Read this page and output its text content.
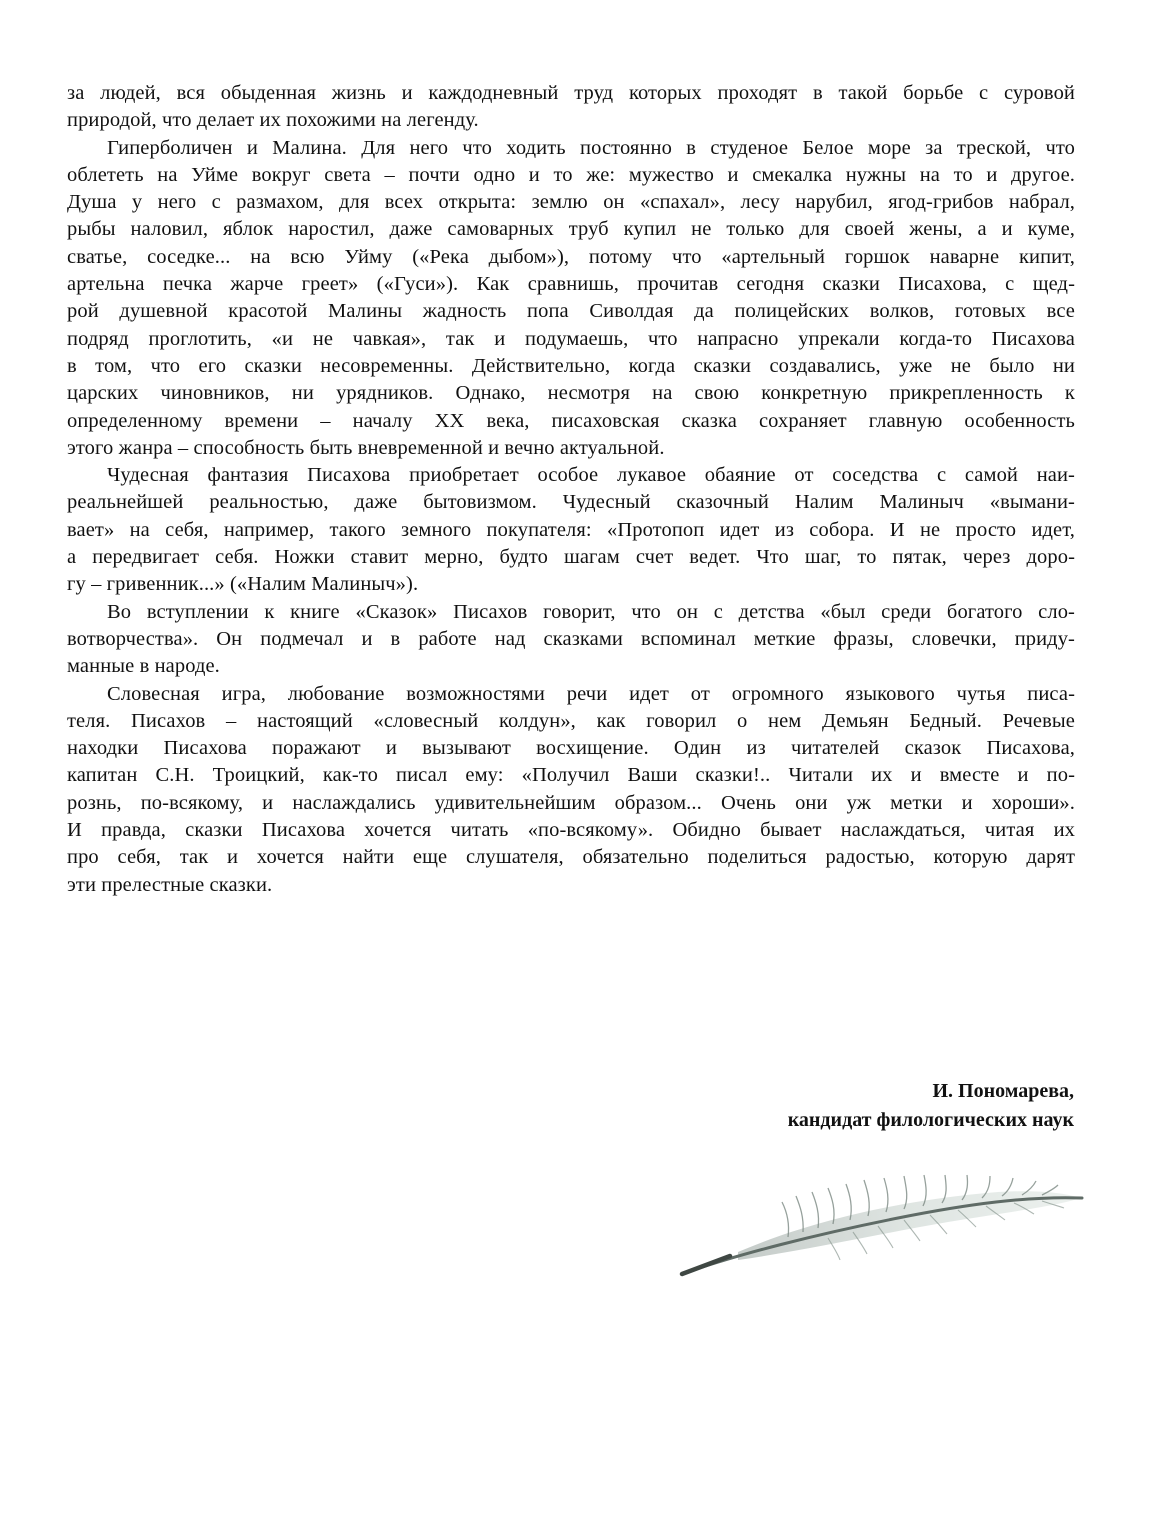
за людей, вся обыденная жизнь и каждодневный труд которых проходят в такой борьбе с суровой
природой, что делает их похожими на легенду.

Гиперболичен и Малина. Для него что ходить постоянно в студеное Белое море за треской, что
облететь на Уйме вокруг света – почти одно и то же: мужество и смекалка нужны на то и другое.
Душа у него с размахом, для всех открыта: землю он «спахал», лесу нарубил, ягод-грибов набрал,
рыбы наловил, яблок наростил, даже самоварных труб купил не только для своей жены, а и куме,
сватье, соседке... на всю Уйму («Река дыбом»), потому что «артельный горшок наварне кипит,
артельна печка жарче греет» («Гуси»). Как сравнишь, прочитав сегодня сказки Писахова, с щед-
рой душевной красотой Малины жадность попа Сиволдая да полицейских волков, готовых все
подряд проглотить, «и не чавкая», так и подумаешь, что напрасно упрекали когда-то Писахова
в том, что его сказки несовременны. Действительно, когда сказки создавались, уже не было ни
царских чиновников, ни урядников. Однако, несмотря на свою конкретную прикрепленность к
определенному времени – началу XX века, писаховская сказка сохраняет главную особенность
этого жанра – способность быть вневременной и вечно актуальной.

Чудесная фантазия Писахова приобретает особое лукавое обаяние от соседства с самой наи-
реальнейшей реальностью, даже бытовизмом. Чудесный сказочный Налим Малиныч «вымани-
вает» на себя, например, такого земного покупателя: «Протопоп идет из собора. И не просто идет,
а передвигает себя. Ножки ставит мерно, будто шагам счет ведет. Что шаг, то пятак, через доро-
гу – гривенник...» («Налим Малиныч»).

Во вступлении к книге «Сказок» Писахов говорит, что он с детства «был среди богатого сло-
вотворчества». Он подмечал и в работе над сказками вспоминал меткие фразы, словечки, приду-
манные в народе.

Словесная игра, любование возможностями речи идет от огромного языкового чутья писа-
теля. Писахов – настоящий «словесный колдун», как говорил о нем Демьян Бедный. Речевые
находки Писахова поражают и вызывают восхищение. Один из читателей сказок Писахова,
капитан С.Н. Троицкий, как-то писал ему: «Получил Ваши сказки!.. Читали их и вместе и по-
рознь, по-всякому, и наслаждались удивительнейшим образом... Очень они уж метки и хороши».
И правда, сказки Писахова хочется читать «по-всякому». Обидно бывает наслаждаться, читая их
про себя, так и хочется найти еще слушателя, обязательно поделиться радостью, которую дарят
эти прелестные сказки.

И. Пономарева,
кандидат филологических наук
